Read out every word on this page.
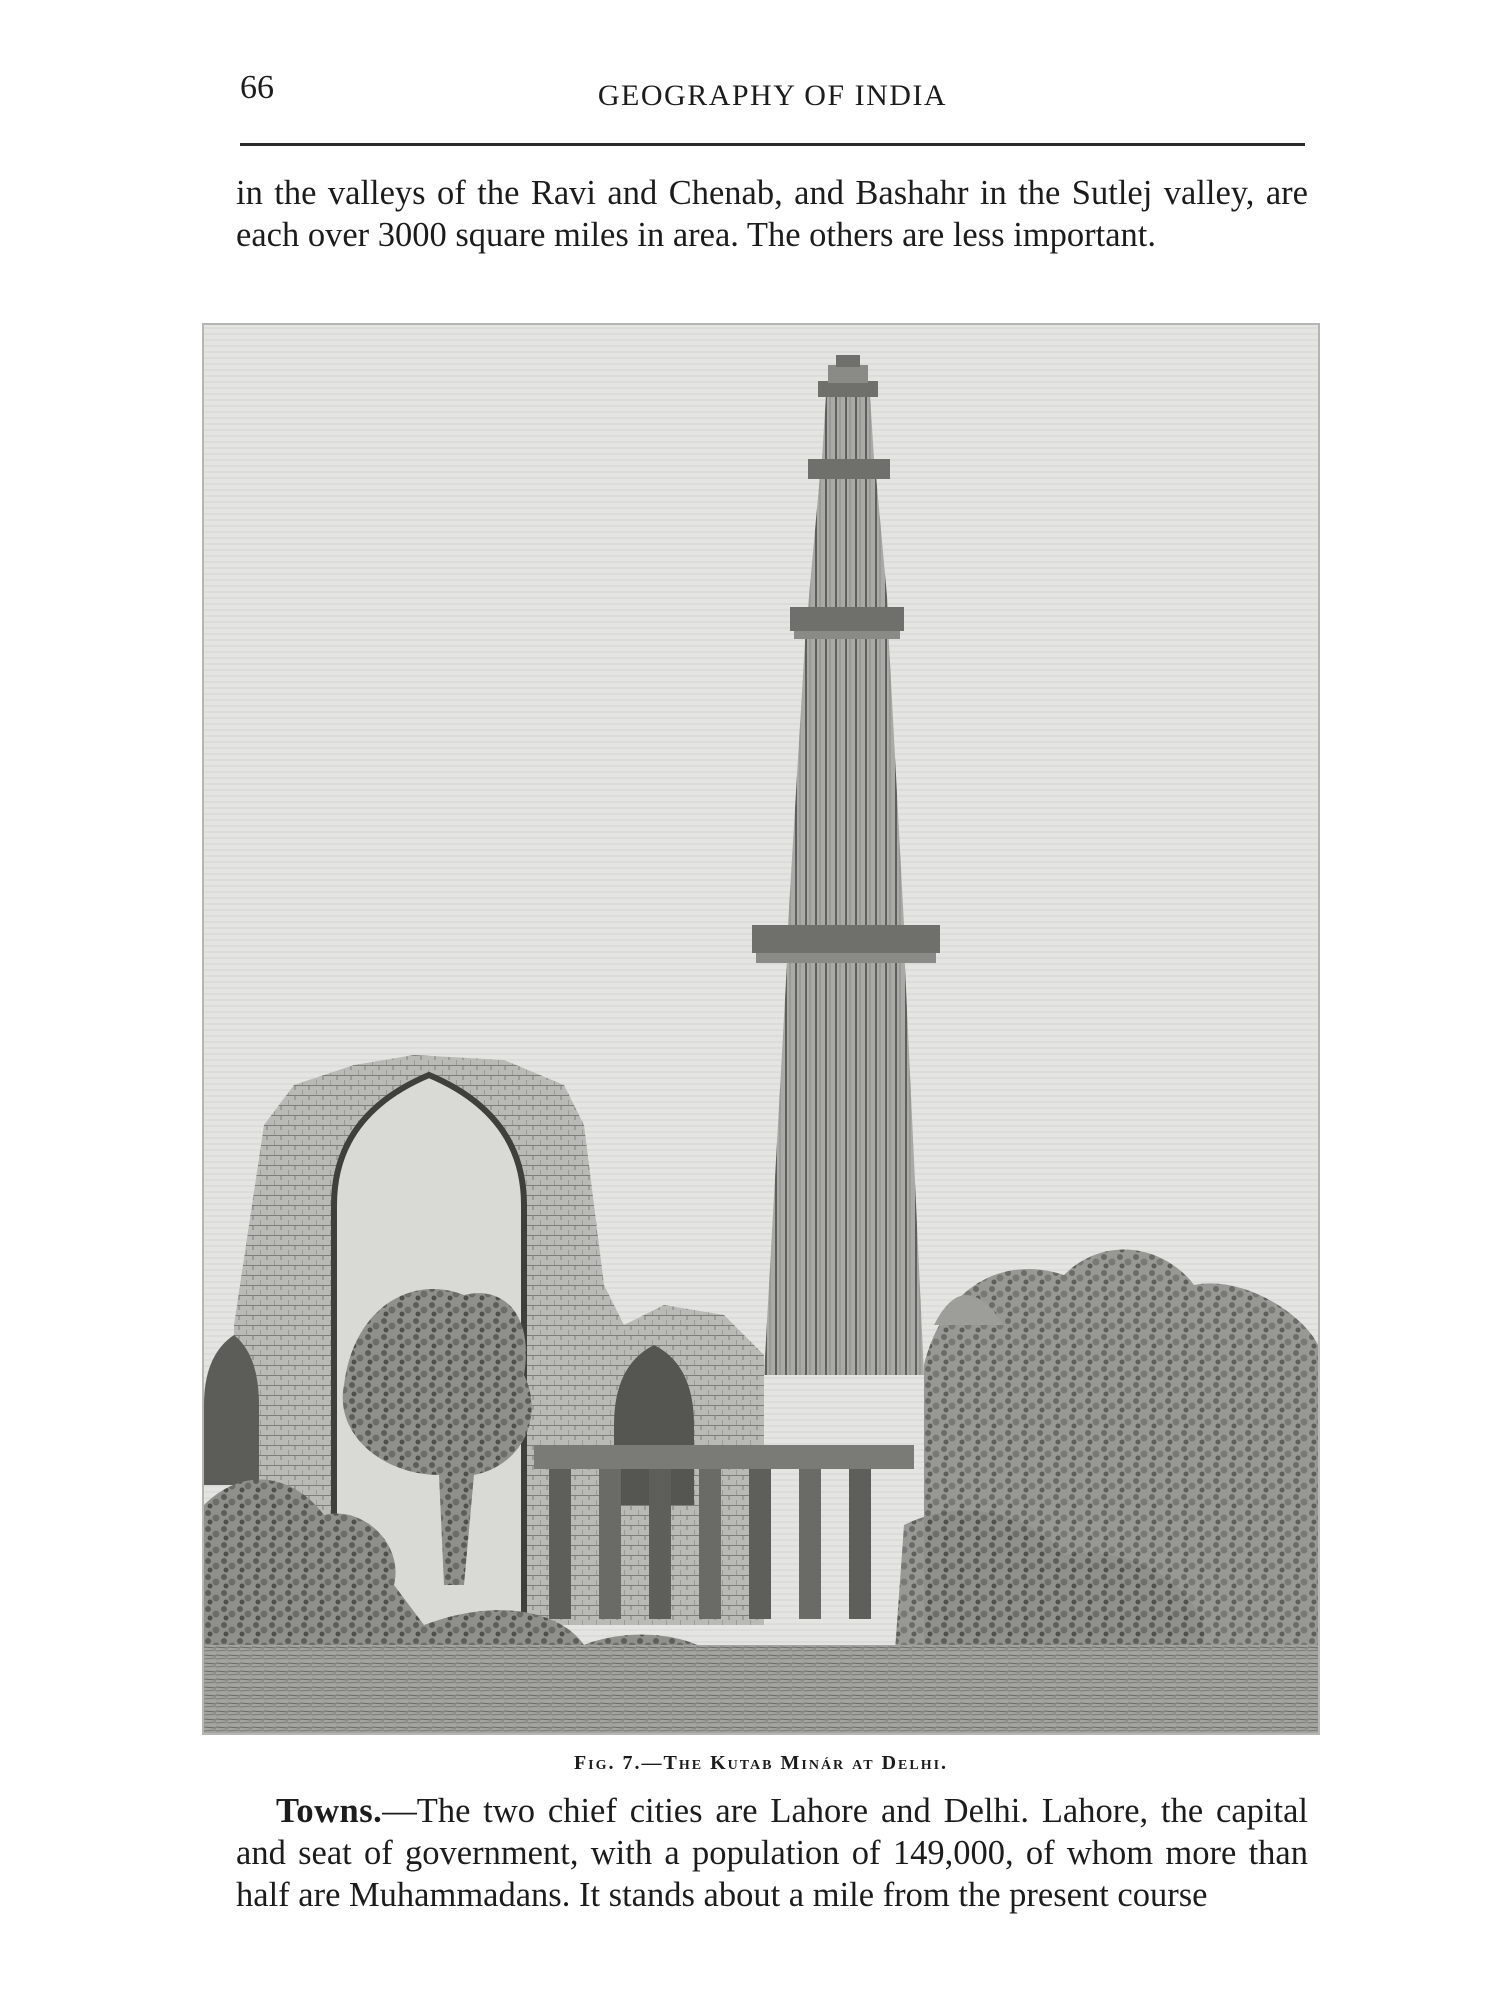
66	GEOGRAPHY OF INDIA

in the valleys of the Ravi and Chenab, and Bashahr in the Sutlej valley, are each over 3000 square miles in area. The others are less important.

Fig. 7.—The Kutab Minár at Delhi.

Towns.—The two chief cities are Lahore and Delhi. Lahore, the capital and seat of government, with a population of 149,000, of whom more than half are Muhammadans. It stands about a mile from the present course
